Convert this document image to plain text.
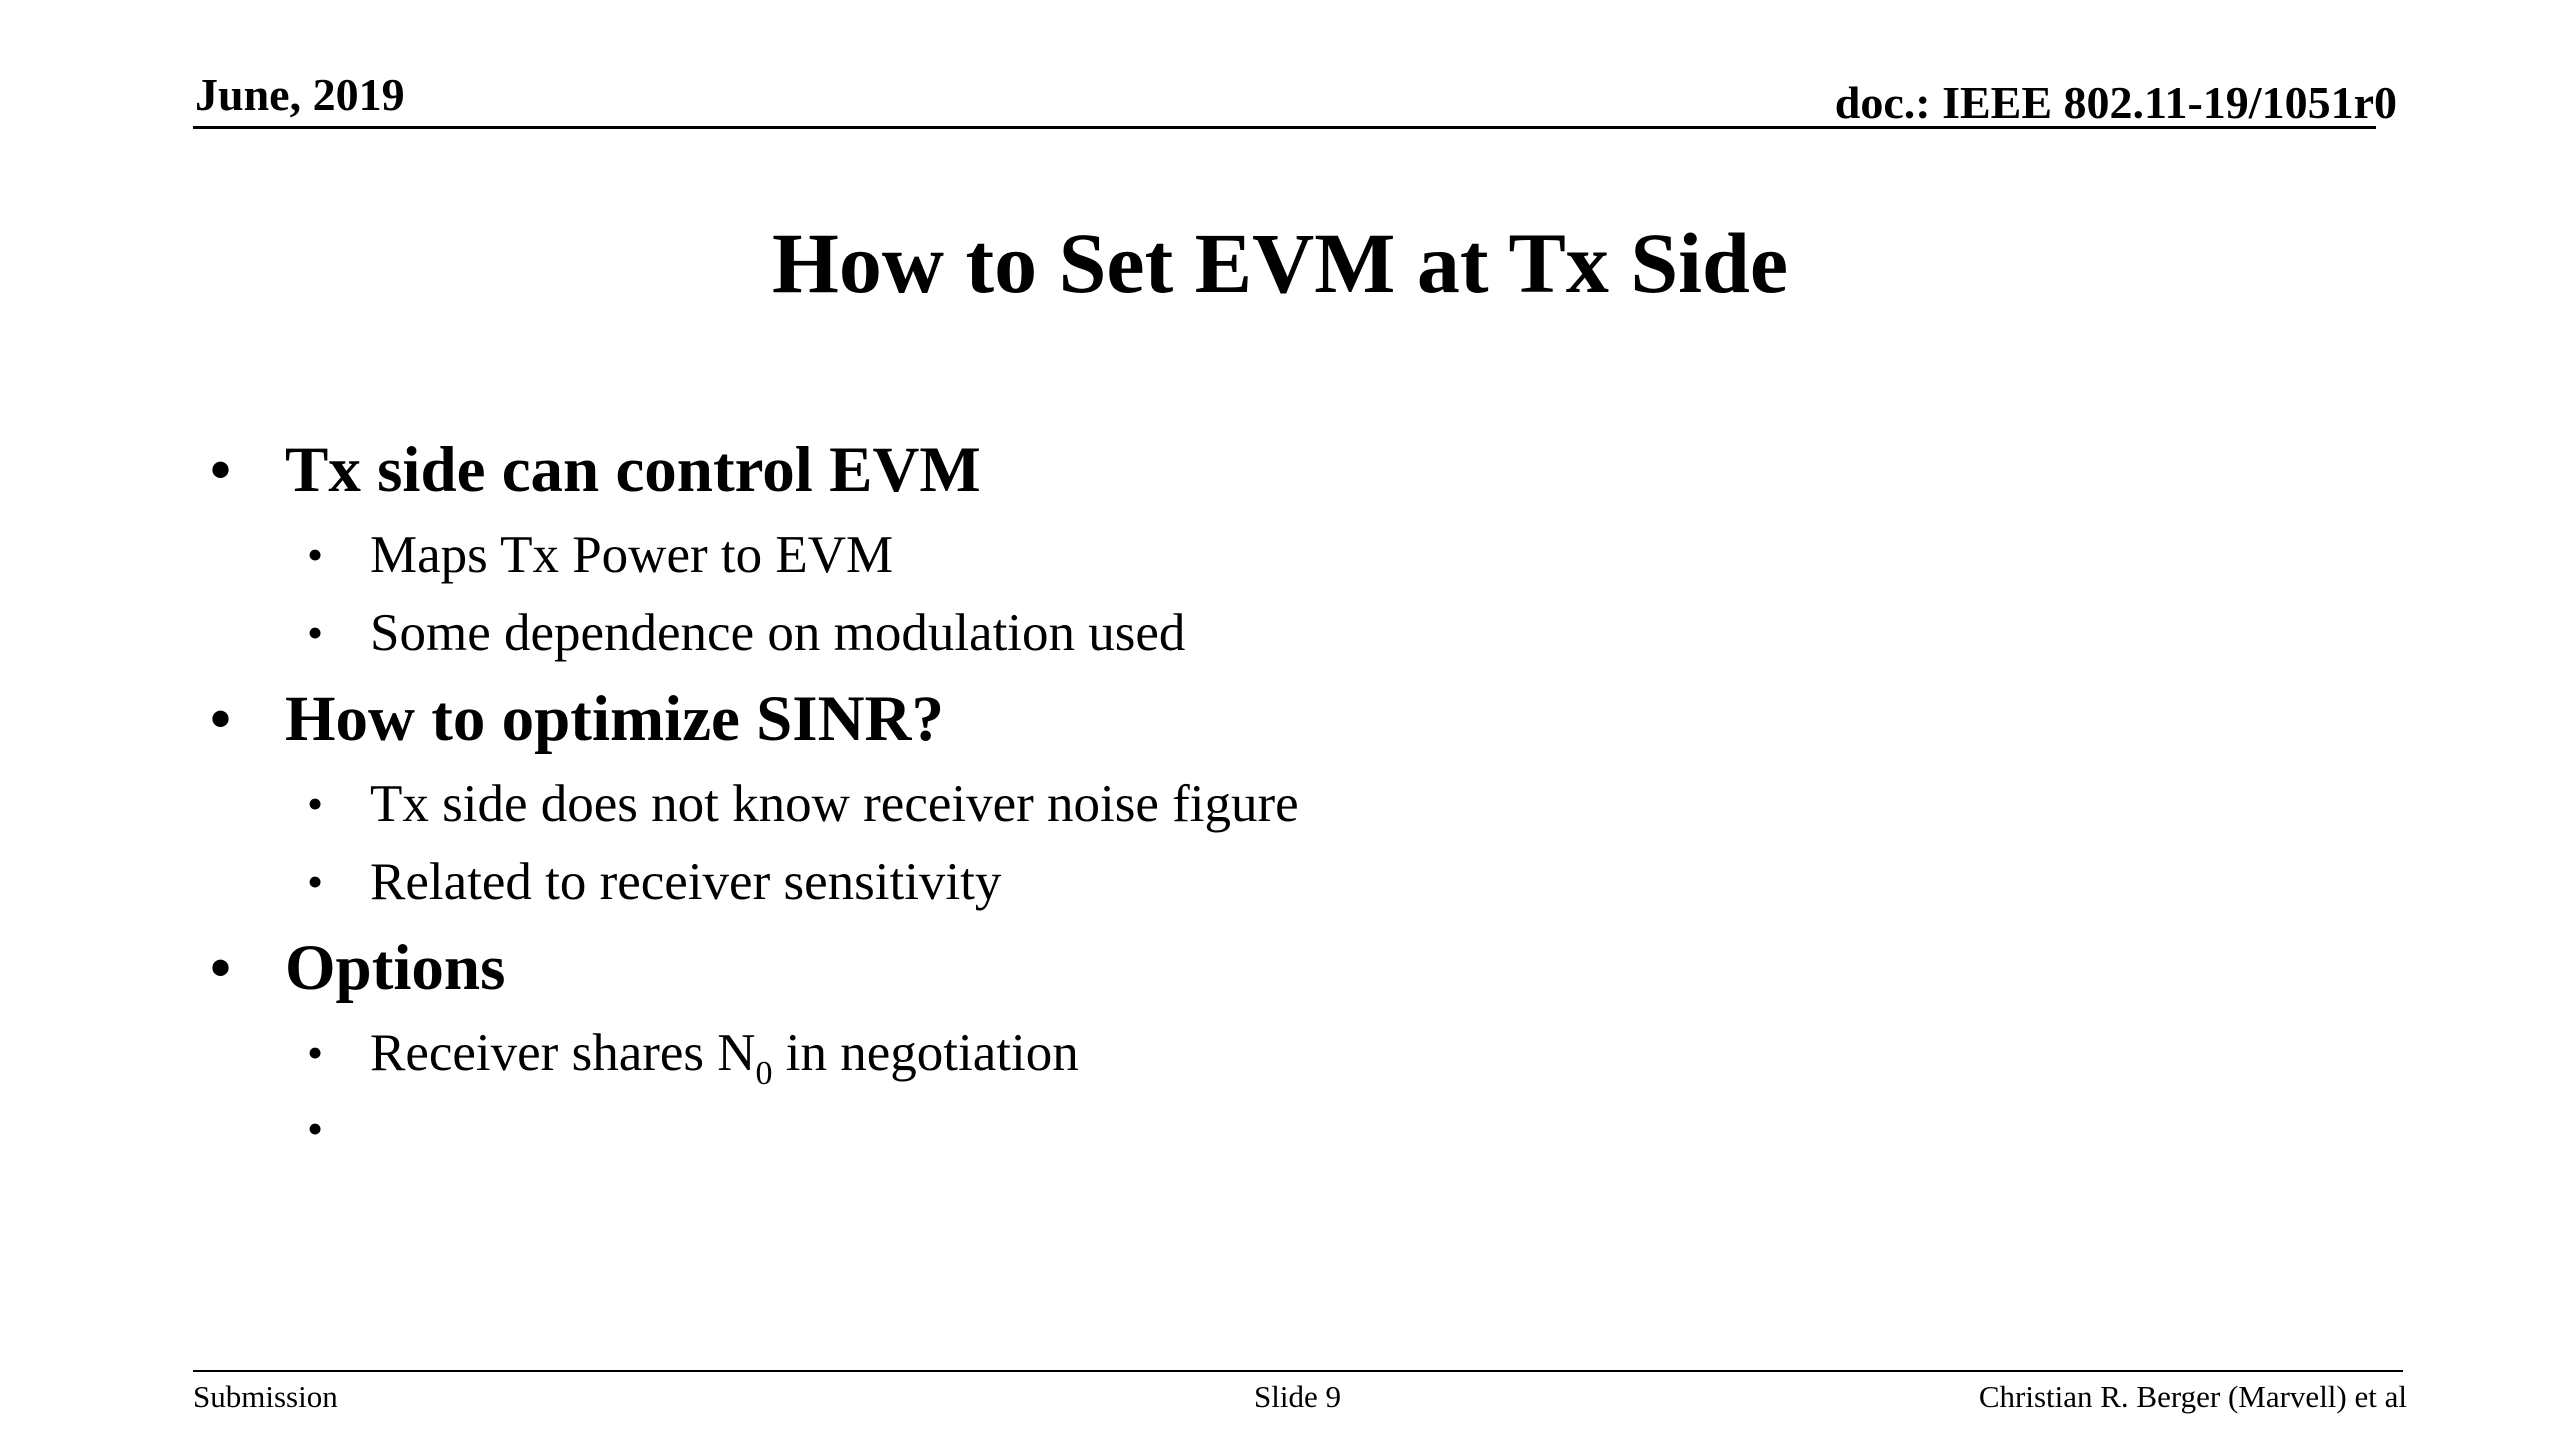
June, 2019	doc.: IEEE 802.11-19/1051r0
How to Set EVM at Tx Side
• Tx side can control EVM
• Maps Tx Power to EVM
• Some dependence on modulation used
• How to optimize SINR?
• Tx side does not know receiver noise figure
• Related to receiver sensitivity
• Options
• Receiver shares $N_0$ in negotiation
•
Submission	Slide 9	Christian R. Berger (Marvell) et al
